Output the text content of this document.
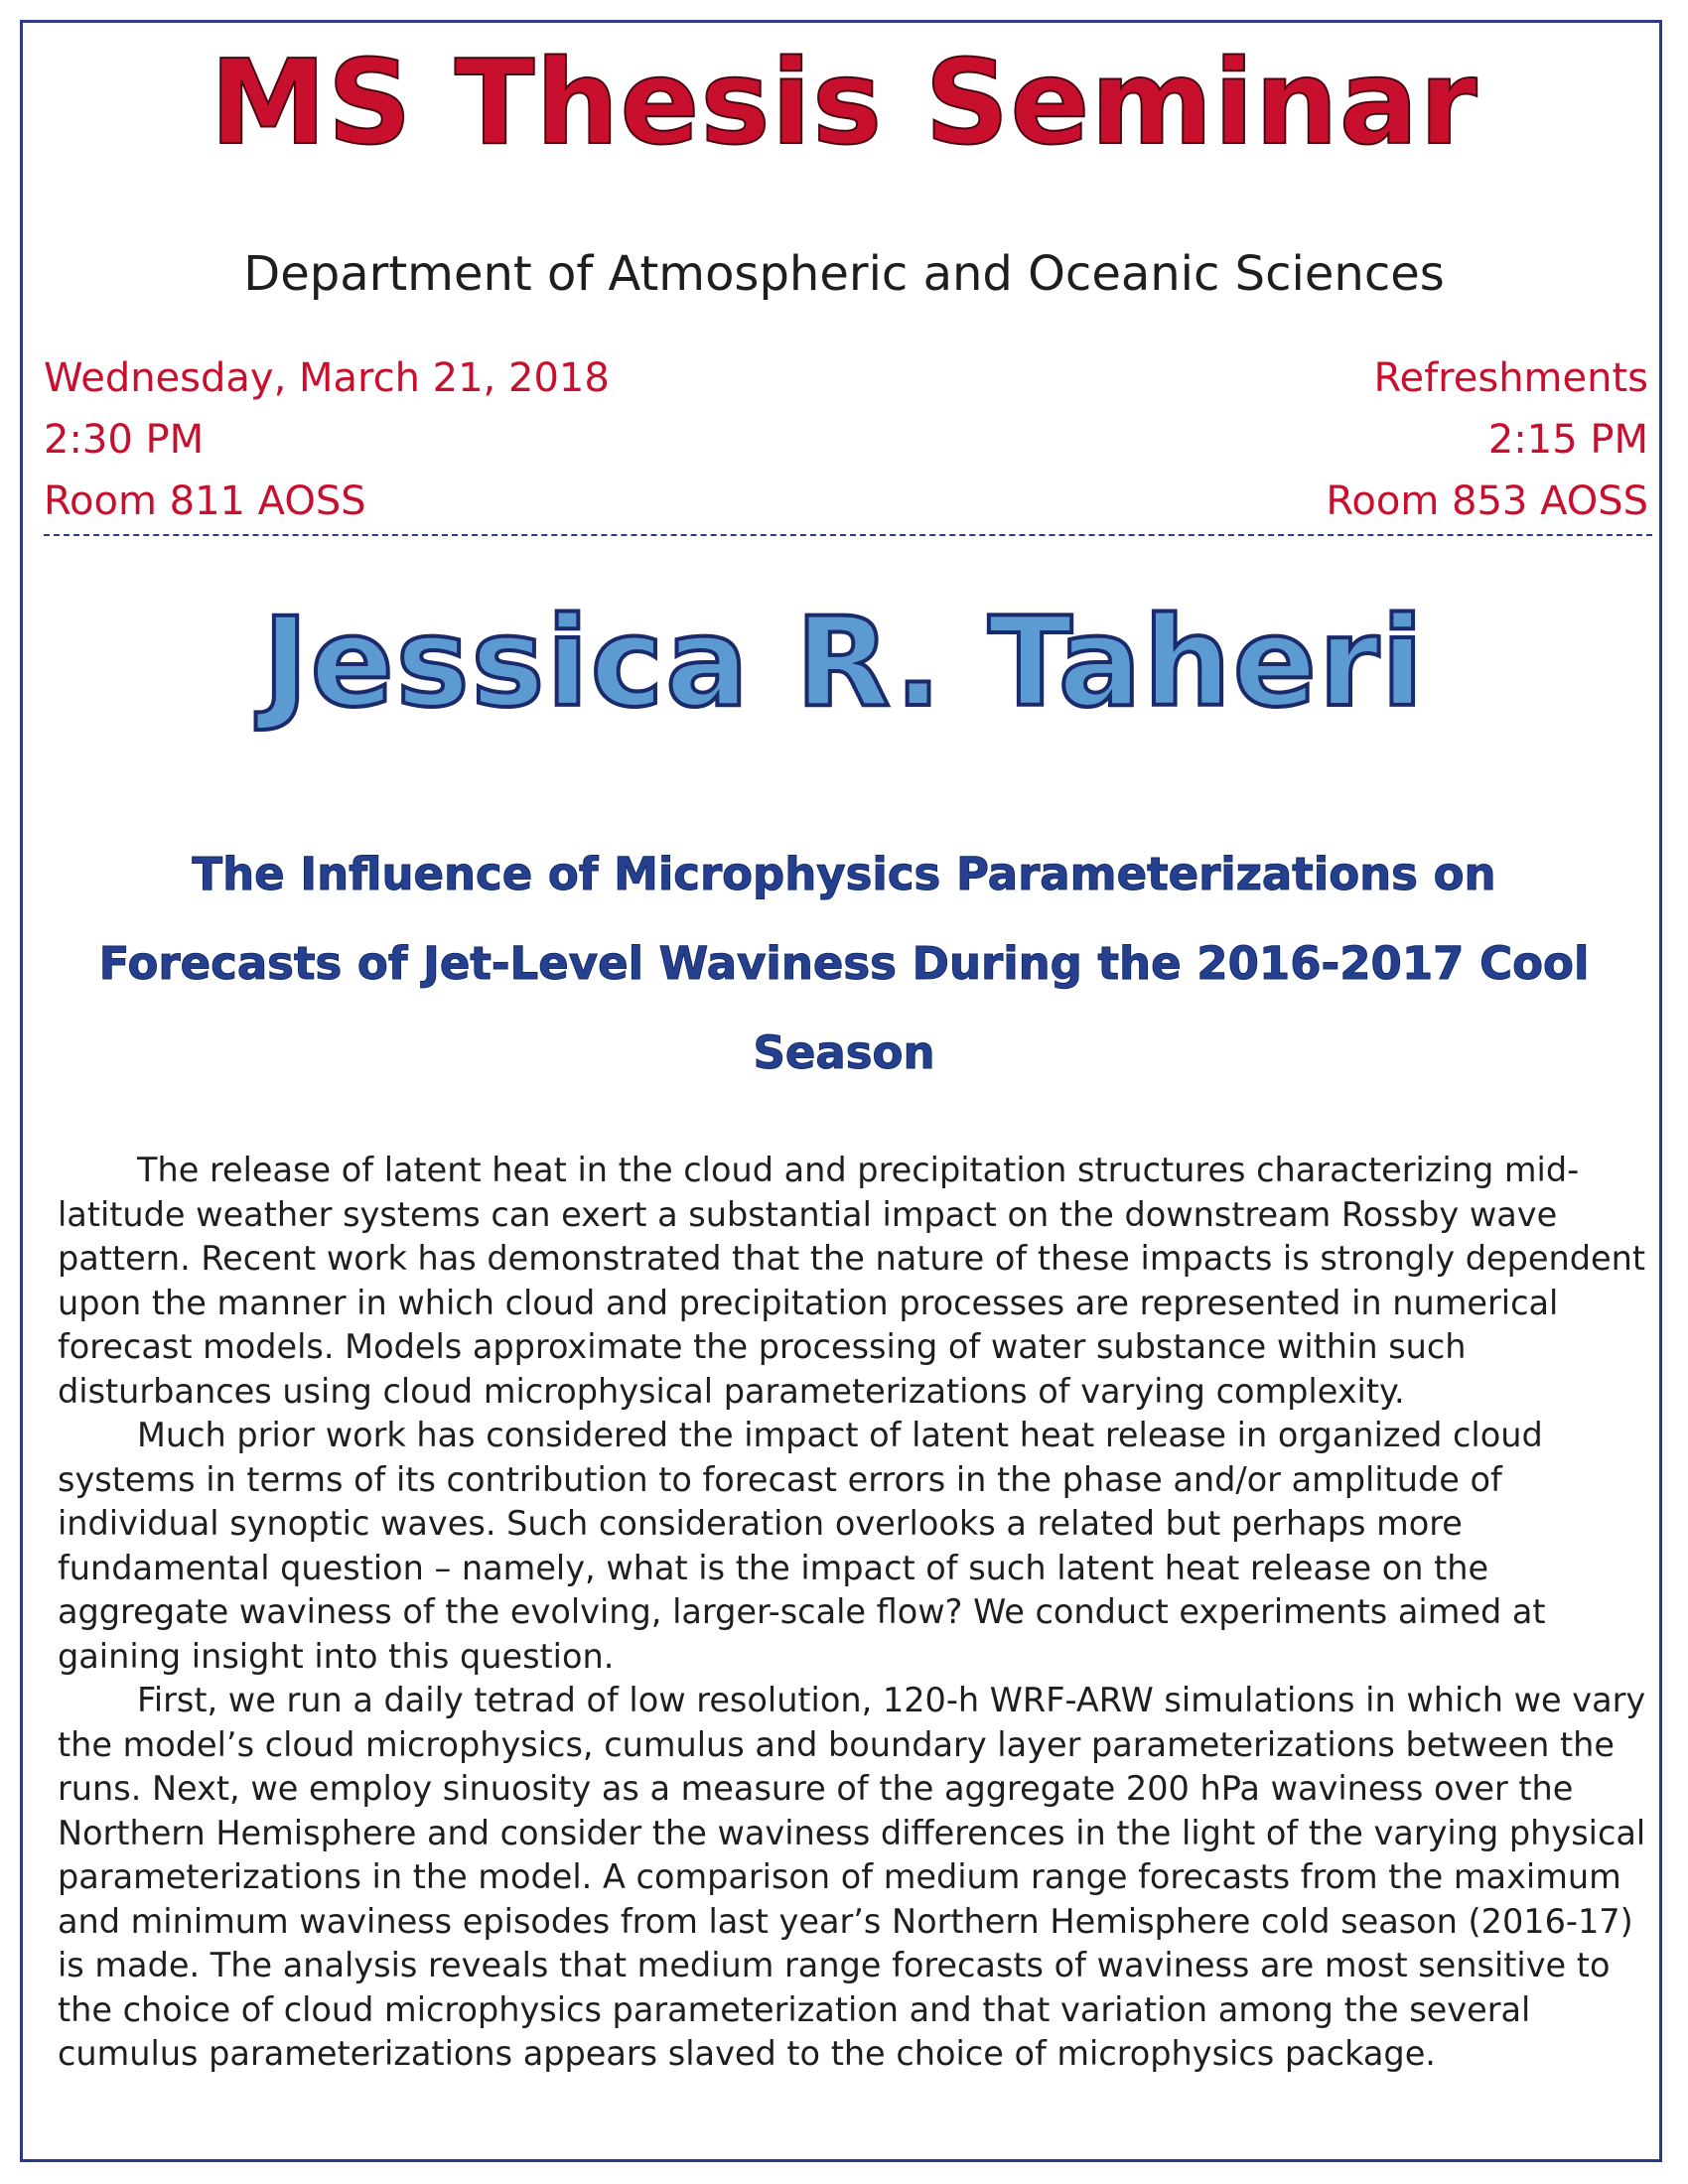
MS Thesis Seminar
Department of Atmospheric and Oceanic Sciences
Wednesday, March 21, 2018
2:30 PM
Room 811 AOSS
Refreshments
2:15 PM
Room 853 AOSS
Jessica R. Taheri
The Influence of Microphysics Parameterizations on Forecasts of Jet-Level Waviness During the 2016-2017 Cool Season

The release of latent heat in the cloud and precipitation structures characterizing mid-latitude weather systems can exert a substantial impact on the downstream Rossby wave pattern. Recent work has demonstrated that the nature of these impacts is strongly dependent upon the manner in which cloud and precipitation processes are represented in numerical forecast models. Models approximate the processing of water substance within such disturbances using cloud microphysical parameterizations of varying complexity.

Much prior work has considered the impact of latent heat release in organized cloud systems in terms of its contribution to forecast errors in the phase and/or amplitude of individual synoptic waves. Such consideration overlooks a related but perhaps more fundamental question – namely, what is the impact of such latent heat release on the aggregate waviness of the evolving, larger-scale flow? We conduct experiments aimed at gaining insight into this question.

First, we run a daily tetrad of low resolution, 120-h WRF-ARW simulations in which we vary the model’s cloud microphysics, cumulus and boundary layer parameterizations between the runs. Next, we employ sinuosity as a measure of the aggregate 200 hPa waviness over the Northern Hemisphere and consider the waviness differences in the light of the varying physical parameterizations in the model. A comparison of medium range forecasts from the maximum and minimum waviness episodes from last year’s Northern Hemisphere cold season (2016-17) is made. The analysis reveals that medium range forecasts of waviness are most sensitive to the choice of cloud microphysics parameterization and that variation among the several cumulus parameterizations appears slaved to the choice of microphysics package.
